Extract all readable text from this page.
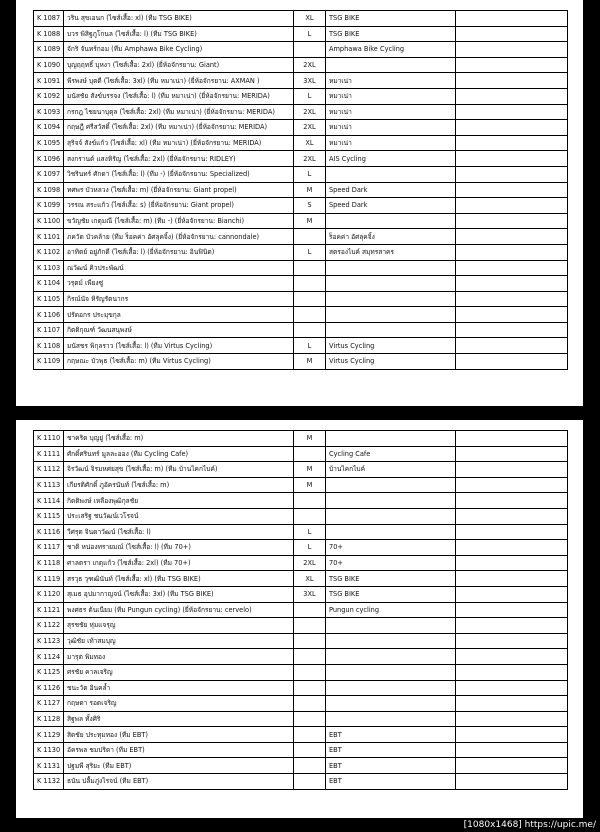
K 1087	วริน สุขเอนก (ไซส์เสื้อ: xl) (ทีม TSG BIKE)	XL	TSG BIKE	
K 1088	บวร พิสิฐภูโกนล (ไซส์เสื้อ: l) (ทีม TSG BIKE)	L	TSG BIKE	
K 1089	จักริ จันทร์กอม (ทีม Amphawa Bike Cycling)		Amphawa Bike Cycling	
K 1090	บุญฤฤทธิ์ บุหงา (ไซส์เสื้อ: 2xl) (ยี่ห้อจักรยาน: Giant)	2XL		
K 1091	พีรพงษ์ บุตดี (ไซส์เสื้อ: 3xl) (ทีม หมาเน่า) (ยี่ห้อจักรยาน: AXMAN )	3XL	หมาเน่า	
K 1092	มนัสชัย สังข์บรรจง (ไซส์เสื้อ: l) (ทีม หมาเน่า) (ยี่ห้อจักรยาน: MERIDA)	L	หมาเน่า	
K 1093	กรกฎ ไชยนาบุตุล (ไซส์เสื้อ: 2xl) (ทีม หมาเน่า) (ยี่ห้อจักรยาน: MERIDA)	2XL	หมาเน่า	
K 1094	กฤษฎี ศรีสวัสดิ์ (ไซส์เสื้อ: 2xl) (ทีม หมาเน่า) (ยี่ห้อจักรยาน: MERIDA)	2XL	หมาเน่า	
K 1095	สุริจจ์ สังข์แก้ว (ไซส์เสื้อ: xl) (ทีม หมาเน่า) (ยี่ห้อจักรยาน: MERIDA)	XL	หมาเน่า	
K 1096	สงกรานต์ แสงหิรัญ (ไซส์เสื้อ: 2xl) (ยี่ห้อจักรยาน: RIDLEY)	2XL	AIS Cycling	
K 1097	วิชรินทร์ ศักดา (ไซส์เสื้อ: l) (ทีม -) (ยี่ห้อจักรยาน: Specialized)	L		
K 1098	ทศพร บัวหลวง (ไซส์เสื้อ: m) (ยี่ห้อจักรยาน: Giant propel)	M	Speed Dark	
K 1099	วรรณ สระแก้ว (ไซส์เสื้อ: s) (ยี่ห้อจักรยาน: Giant propel)	S	Speed Dark	
K 1100	ขวัญชัย เกตุมณี (ไซส์เสื้อ: m) (ทีม -) (ยี่ห้อจักรยาน: Bianchi)	M		
K 1101	ภควัต บัวคล้าย (ทีม ร็อคค่า อัศลุคจิ้ง) (ยี่ห้อจักรยาน: cannondale)		ร็อคค่า อัศลุคจิ้ง	
K 1102	อาทิตย์ อยู่ภักดี (ไซส์เสื้อ: l) (ยี่ห้อจักรยาน: อินฟินิต)	L	สตรองไบค์ สมุทรสาคร	
K 1103	ณวัฒน์ คิวประพัฒน์			
K 1104	วรุตม์ เพียงซู่			
K 1105	กิรณ์นัจ หิรัญรัตนากร			
K 1106	ปรัดอกร ประมุขกุล			
K 1107	กิตติกุณฑ์ วัฒนสนุพงษ์			
K 1108	มนัสชร พิกุลราว (ไซส์เสื้อ: l) (ทีม Virtus Cycling)	L	Virtus Cycling	
K 1109	กฤษณะ บัวพุธ (ไซส์เสื้อ: m) (ทีม Virtus Cycling)	M	Virtus Cycling	
K 1110	ชาคริต บุญยู่ (ไซส์เสื้อ: m)	M		
K 1111	ศักดิ์ศรินทร์ มูลละออง (ทีม Cycling Cafe)		Cycling Cafe	
K 1112	จิรวัฒน์ จิรมหศยสุข (ไซส์เสื้อ: m) (ทีม บ้านไคกไบค์)	M	บ้านไคกไบค์	
K 1113	เกียรติศักดิ์ ภูอัครนันท์ (ไซส์เสื้อ: m)	M		
K 1114	กิตติพงษ์ เหลืองพุฒิกุลชัย			
K 1115	ประเสริฐ ชนวัฒน์เวโรจน์			
K 1116	วีศรุต จินดาวัฒน์ (ไซส์เสื้อ: l)	L		
K 1117	ชาติ หน่องทรายมณ์ (ไซส์เสื้อ: l) (ทีม 70+)	L	70+	
K 1118	ศาลตรา เกตุแก้ว (ไซส์เสื้อ: 2xl) (ทีม 70+)	2XL	70+	
K 1119	สรวุธ วุฑฒินันท์ (ไซส์เสื้อ: xl) (ทีม TSG BIKE)	XL	TSG BIKE	
K 1120	สุเมธ อุปมากาญจน์ (ไซส์เสื้อ: 3xl) (ทีม TSG BIKE)	3XL	TSG BIKE	
K 1121	พงศธร ต้นเนียม (ทีม Pungun cycling) (ยี่ห้อจักรยาน: cervelo)		Pungun cycling	
K 1122	สุรชชัย หุ่มแจรุญ			
K 1123	วุฒิชัย เท้าสมบุญ			
K 1124	มารุต พิมทอง			
K 1125	ศรชัย คาลเจริญ			
K 1126	ชนะวัต อินคล้ำ			
K 1127	กฤษดา รอดเจริญ			
K 1128	สิฐพล ทั้งศิริ			
K 1129	สิดชัย ประทุมทอง (ทีม EBT)		EBT	
K 1130	อัครพล ชมปริดา (ทีม EBT)		EBT	
K 1131	ปฐมพี สุริยะ (ทีม EBT)		EBT	
K 1132	ธนัน ปลื้มภู่งไรจน์ (ทีม EBT)		EBT	
[1080x1468] https://upic.me/
